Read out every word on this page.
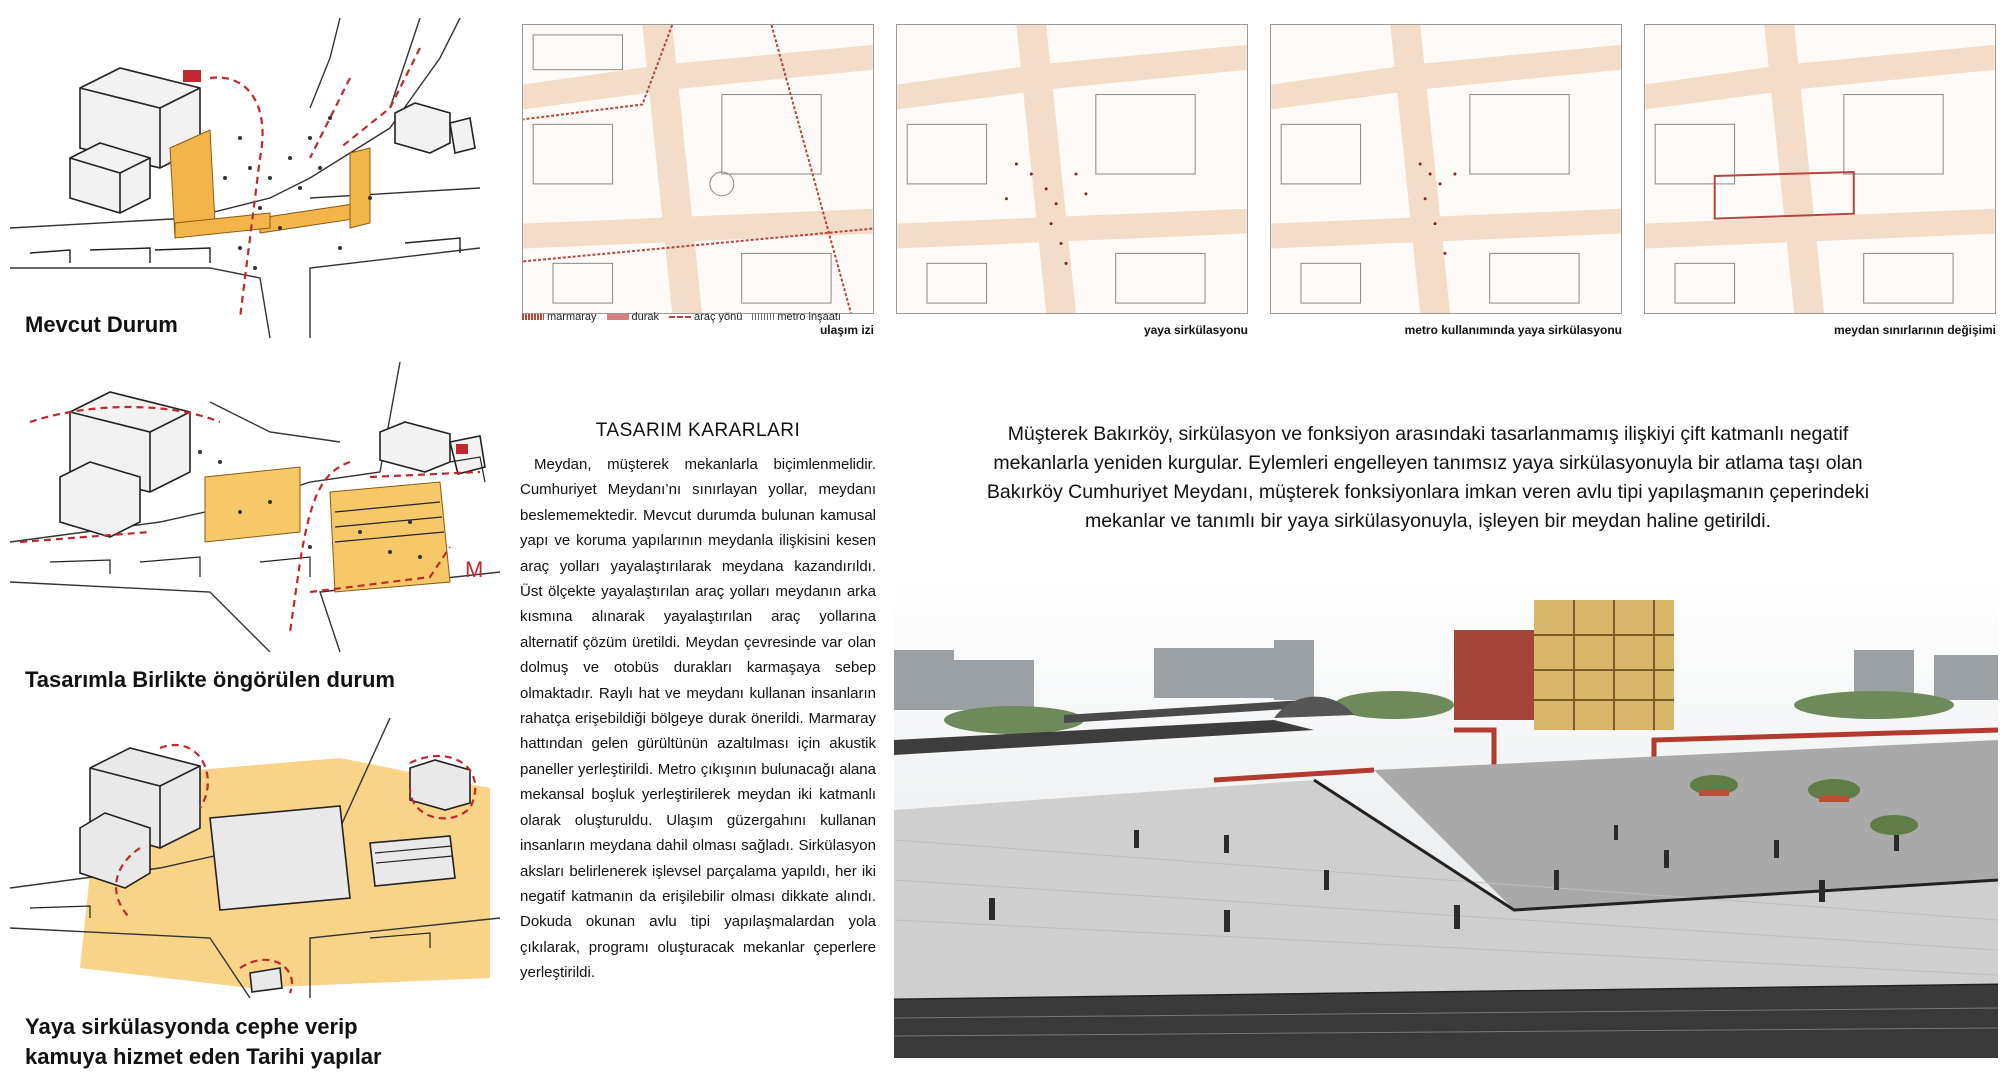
Mevcut Durum
M
Tasarımla Birlikte öngörülen durum
Yaya sirkülasyonda cephe verip
kamuya hizmet eden Tarihi yapılar
marmaray	durak	araç yönü	metro inşaatı
ulaşım izi	yaya sirkülasyonu	metro kullanımında yaya sirkülasyonu	meydan sınırlarının değişimi
TASARIM KARARLARI
Meydan, müşterek mekanlarla biçimlenmelidir. Cumhuriyet Meydanı’nı sınırlayan yollar, meydanı beslememektedir. Mevcut durumda bulunan kamusal yapı ve koruma yapılarının meydanla ilişkisini kesen araç yolları yayalaştırılarak meydana kazandırıldı. Üst ölçekte yayalaştırılan araç yolları meydanın arka kısmına alınarak yayalaştırılan araç yollarına alternatif çözüm üretildi. Meydan çevresinde var olan dolmuş ve otobüs durakları karmaşaya sebep olmaktadır. Raylı hat ve meydanı kullanan insanların rahatça erişebildiği bölgeye durak önerildi. Marmaray hattından gelen gürültünün azaltılması için akustik paneller yerleştirildi. Metro çıkışının bulunacağı alana mekansal boşluk yerleştirilerek meydan iki katmanlı olarak oluşturuldu. Ulaşım güzergahını kullanan insanların meydana dahil olması sağladı. Sirkülasyon aksları belirlenerek işlevsel parçalama yapıldı, her iki negatif katmanın da erişilebilir olması dikkate alındı. Dokuda okunan avlu tipi yapılaşmalardan yola çıkılarak, programı oluşturacak mekanlar çeperlere yerleştirildi.
Müşterek Bakırköy, sirkülasyon ve fonksiyon arasındaki tasarlanmamış ilişkiyi çift katmanlı negatif mekanlarla yeniden kurgular. Eylemleri engelleyen tanımsız yaya sirkülasyonuyla bir atlama taşı olan Bakırköy Cumhuriyet Meydanı, müşterek fonksiyonlara imkan veren avlu tipi yapılaşmanın çeperindeki mekanlar ve tanımlı bir yaya sirkülasyonuyla, işleyen bir meydan haline getirildi.
